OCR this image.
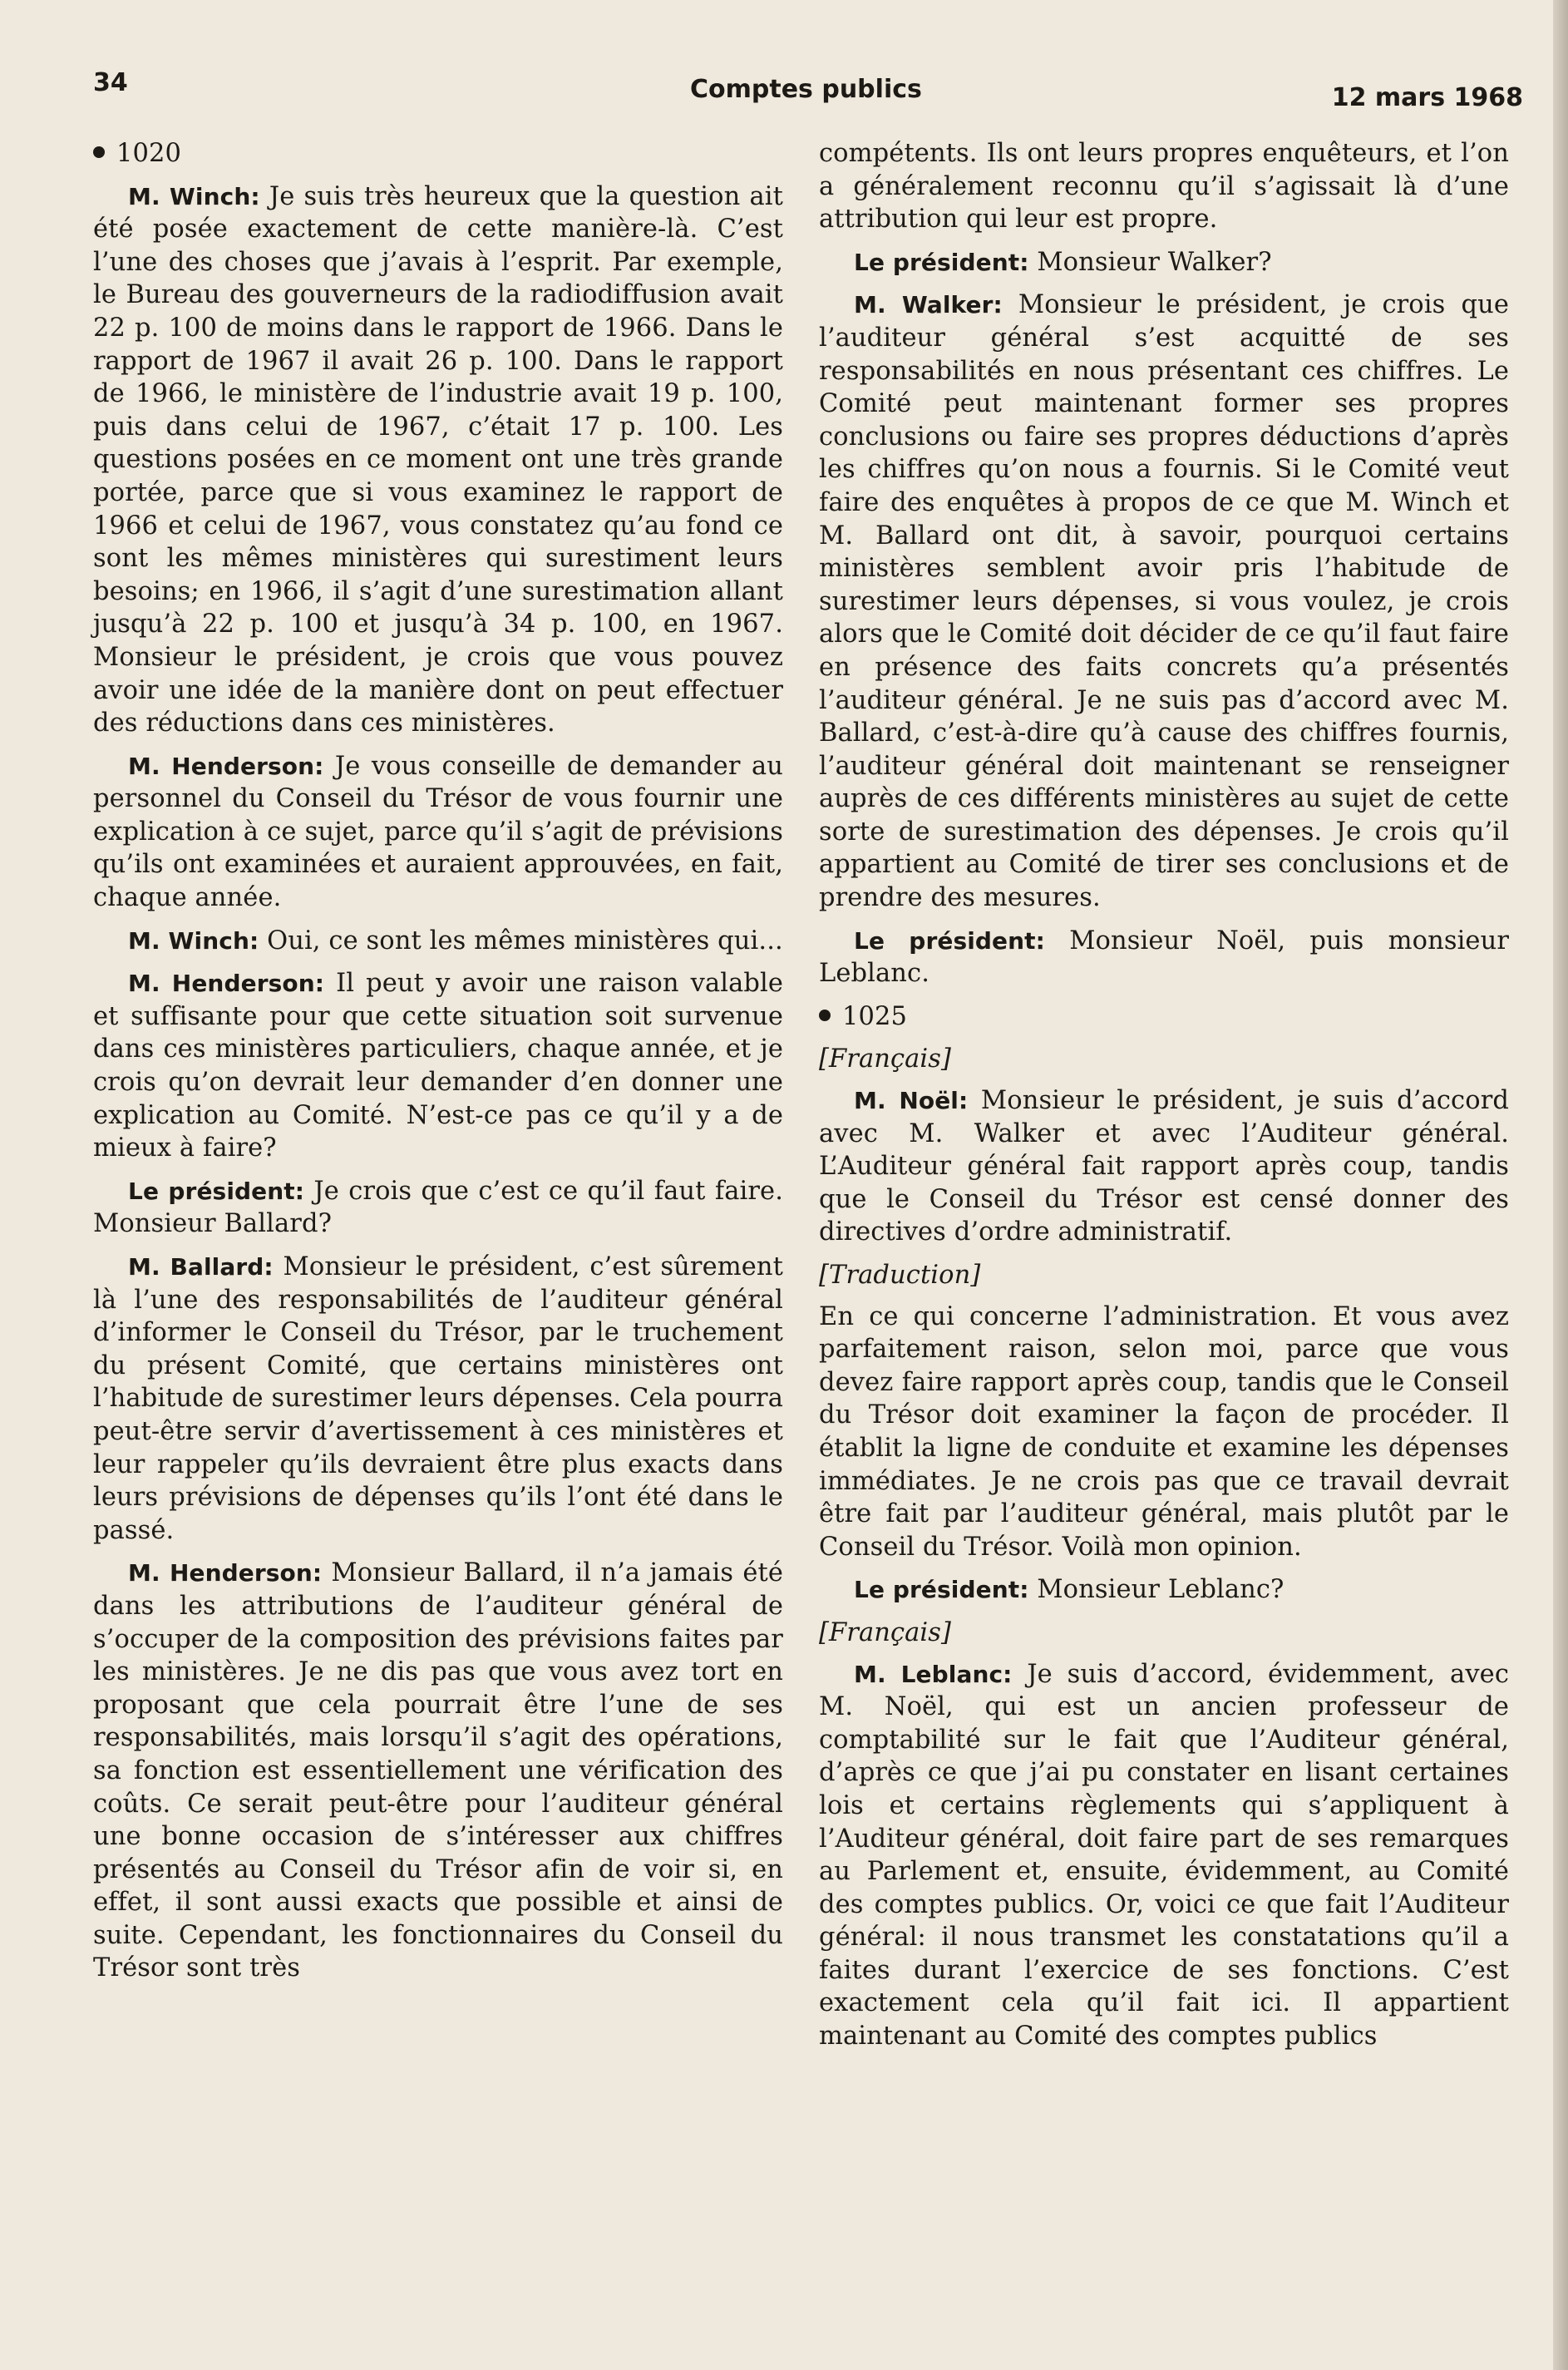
34	Comptes publics	12 mars 1968
1020

M. Winch: Je suis très heureux que la question ait été posée exactement de cette manière-là. C’est l’une des choses que j’avais à l’esprit. Par exemple, le Bureau des gouverneurs de la radiodiffusion avait 22 p. 100 de moins dans le rapport de 1966. Dans le rapport de 1967 il avait 26 p. 100. Dans le rapport de 1966, le ministère de l’industrie avait 19 p. 100, puis dans celui de 1967, c’était 17 p. 100. Les questions posées en ce moment ont une très grande portée, parce que si vous examinez le rapport de 1966 et celui de 1967, vous constatez qu’au fond ce sont les mêmes ministères qui surestiment leurs besoins; en 1966, il s’agit d’une surestimation allant jusqu’à 22 p. 100 et jusqu’à 34 p. 100, en 1967. Monsieur le président, je crois que vous pouvez avoir une idée de la manière dont on peut effectuer des réductions dans ces ministères.

M. Henderson: Je vous conseille de demander au personnel du Conseil du Trésor de vous fournir une explication à ce sujet, parce qu’il s’agit de prévisions qu’ils ont examinées et auraient approuvées, en fait, chaque année.

M. Winch: Oui, ce sont les mêmes ministères qui...

M. Henderson: Il peut y avoir une raison valable et suffisante pour que cette situation soit survenue dans ces ministères particuliers, chaque année, et je crois qu’on devrait leur demander d’en donner une explication au Comité. N’est-ce pas ce qu’il y a de mieux à faire?

Le président: Je crois que c’est ce qu’il faut faire. Monsieur Ballard?

M. Ballard: Monsieur le président, c’est sûrement là l’une des responsabilités de l’auditeur général d’informer le Conseil du Trésor, par le truchement du présent Comité, que certains ministères ont l’habitude de surestimer leurs dépenses. Cela pourra peut-être servir d’avertissement à ces ministères et leur rappeler qu’ils devraient être plus exacts dans leurs prévisions de dépenses qu’ils l’ont été dans le passé.

M. Henderson: Monsieur Ballard, il n’a jamais été dans les attributions de l’auditeur général de s’occuper de la composition des prévisions faites par les ministères. Je ne dis pas que vous avez tort en proposant que cela pourrait être l’une de ses responsabilités, mais lorsqu’il s’agit des opérations, sa fonction est essentiellement une vérification des coûts. Ce serait peut-être pour l’auditeur général une bonne occasion de s’intéresser aux chiffres présentés au Conseil du Trésor afin de voir si, en effet, il sont aussi exacts que possible et ainsi de suite. Cependant, les fonctionnaires du Conseil du Trésor sont très

compétents. Ils ont leurs propres enquêteurs, et l’on a généralement reconnu qu’il s’agissait là d’une attribution qui leur est propre.

Le président: Monsieur Walker?

M. Walker: Monsieur le président, je crois que l’auditeur général s’est acquitté de ses responsabilités en nous présentant ces chiffres. Le Comité peut maintenant former ses propres conclusions ou faire ses propres déductions d’après les chiffres qu’on nous a fournis. Si le Comité veut faire des enquêtes à propos de ce que M. Winch et M. Ballard ont dit, à savoir, pourquoi certains ministères semblent avoir pris l’habitude de surestimer leurs dépenses, si vous voulez, je crois alors que le Comité doit décider de ce qu’il faut faire en présence des faits concrets qu’a présentés l’auditeur général. Je ne suis pas d’accord avec M. Ballard, c’est-à-dire qu’à cause des chiffres fournis, l’auditeur général doit maintenant se renseigner auprès de ces différents ministères au sujet de cette sorte de surestimation des dépenses. Je crois qu’il appartient au Comité de tirer ses conclusions et de prendre des mesures.

Le président: Monsieur Noël, puis monsieur Leblanc.

1025
[Français]

M. Noël: Monsieur le président, je suis d’accord avec M. Walker et avec l’Auditeur général. L’Auditeur général fait rapport après coup, tandis que le Conseil du Trésor est censé donner des directives d’ordre administratif.

[Traduction]

En ce qui concerne l’administration. Et vous avez parfaitement raison, selon moi, parce que vous devez faire rapport après coup, tandis que le Conseil du Trésor doit examiner la façon de procéder. Il établit la ligne de conduite et examine les dépenses immédiates. Je ne crois pas que ce travail devrait être fait par l’auditeur général, mais plutôt par le Conseil du Trésor. Voilà mon opinion.

Le président: Monsieur Leblanc?

[Français]

M. Leblanc: Je suis d’accord, évidemment, avec M. Noël, qui est un ancien professeur de comptabilité sur le fait que l’Auditeur général, d’après ce que j’ai pu constater en lisant certaines lois et certains règlements qui s’appliquent à l’Auditeur général, doit faire part de ses remarques au Parlement et, ensuite, évidemment, au Comité des comptes publics. Or, voici ce que fait l’Auditeur général: il nous transmet les constatations qu’il a faites durant l’exercice de ses fonctions. C’est exactement cela qu’il fait ici. Il appartient maintenant au Comité des comptes publics
